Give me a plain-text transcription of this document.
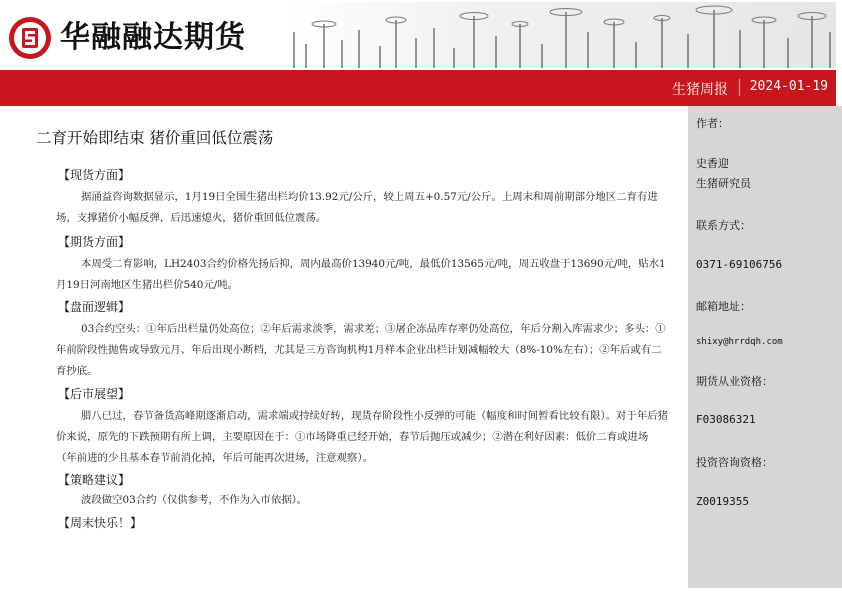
华融融达期货
生猪周报 2024-01-19
作者：
史香迎
生猪研究员
联系方式：
0371-69106756
邮箱地址：
shixy@hrrdqh.com
期货从业资格：
F03086321
投资咨询资格：
Z0019355
二育开始即结束 猪价重回低位震荡
【现货方面】
据涌益咨询数据显示，1月19日全国生猪出栏均价13.92元/公斤，较上周五+0.57元/公斤。上周末和周前期部分地区二育有进场，支撑猪价小幅反弹，后迅速熄火，猪价重回低位震荡。
【期货方面】
本周受二育影响，LH2403合约价格先扬后抑，周内最高价13940元/吨，最低价13565元/吨，周五收盘于13690元/吨，贴水1月19日河南地区生猪出栏价540元/吨。
【盘面逻辑】
03合约空头：①年后出栏量仍处高位；②年后需求淡季，需求差；③屠企冻品库存率仍处高位，年后分割入库需求少；多头：①年前阶段性抛售或导致元月、年后出现小断档，尤其是三方咨询机构1月样本企业出栏计划减幅较大（8%-10%左右）；②年后或有二育抄底。
【后市展望】
腊八已过，春节备货高峰期逐渐启动，需求端或持续好转，现货存阶段性小反弹的可能（幅度和时间暂看比较有限）。对于年后猪价来说，原先的下跌预期有所上调，主要原因在于：①市场降重已经开始，春节后抛压或减少；②潜在利好因素：低价二育或进场（年前进的少且基本春节前消化掉，年后可能再次进场，注意观察）。
【策略建议】
波段做空03合约（仅供参考，不作为入市依据）。
【周末快乐！】
